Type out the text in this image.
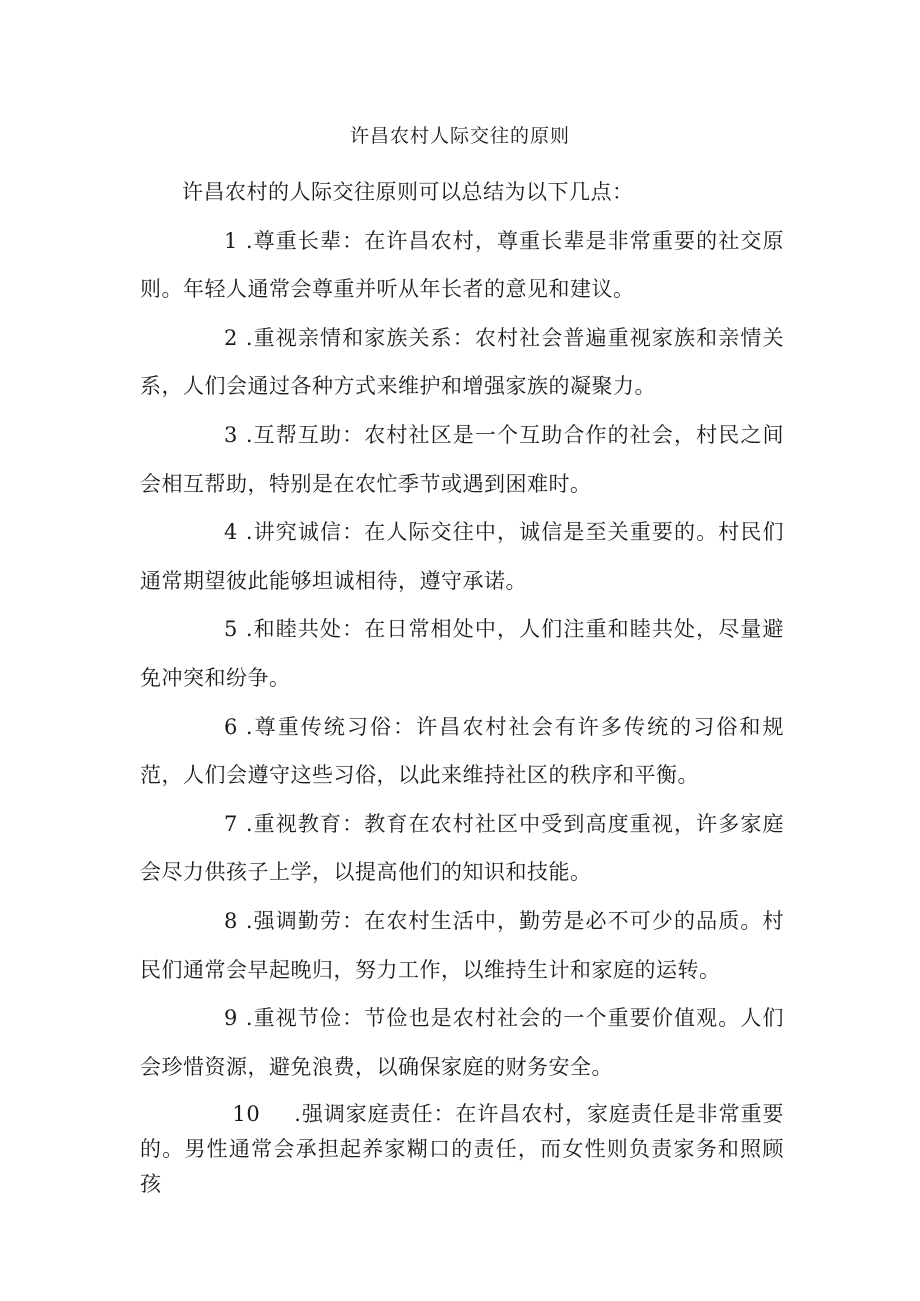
许昌农村人际交往的原则

许昌农村的人际交往原则可以总结为以下几点：

1 .尊重长辈：在许昌农村，尊重长辈是非常重要的社交原则。年轻人通常会尊重并听从年长者的意见和建议。

2 .重视亲情和家族关系：农村社会普遍重视家族和亲情关系，人们会通过各种方式来维护和增强家族的凝聚力。

3 .互帮互助：农村社区是一个互助合作的社会，村民之间会相互帮助，特别是在农忙季节或遇到困难时。

4 .讲究诚信：在人际交往中，诚信是至关重要的。村民们通常期望彼此能够坦诚相待，遵守承诺。

5 .和睦共处：在日常相处中，人们注重和睦共处，尽量避免冲突和纷争。

6 .尊重传统习俗：许昌农村社会有许多传统的习俗和规范，人们会遵守这些习俗，以此来维持社区的秩序和平衡。

7 .重视教育：教育在农村社区中受到高度重视，许多家庭会尽力供孩子上学，以提高他们的知识和技能。

8 .强调勤劳：在农村生活中，勤劳是必不可少的品质。村民们通常会早起晚归，努力工作，以维持生计和家庭的运转。

9 .重视节俭：节俭也是农村社会的一个重要价值观。人们会珍惜资源，避免浪费，以确保家庭的财务安全。

10 .强调家庭责任：在许昌农村，家庭责任是非常重要的。男性通常会承担起养家糊口的责任，而女性则负责家务和照顾孩
